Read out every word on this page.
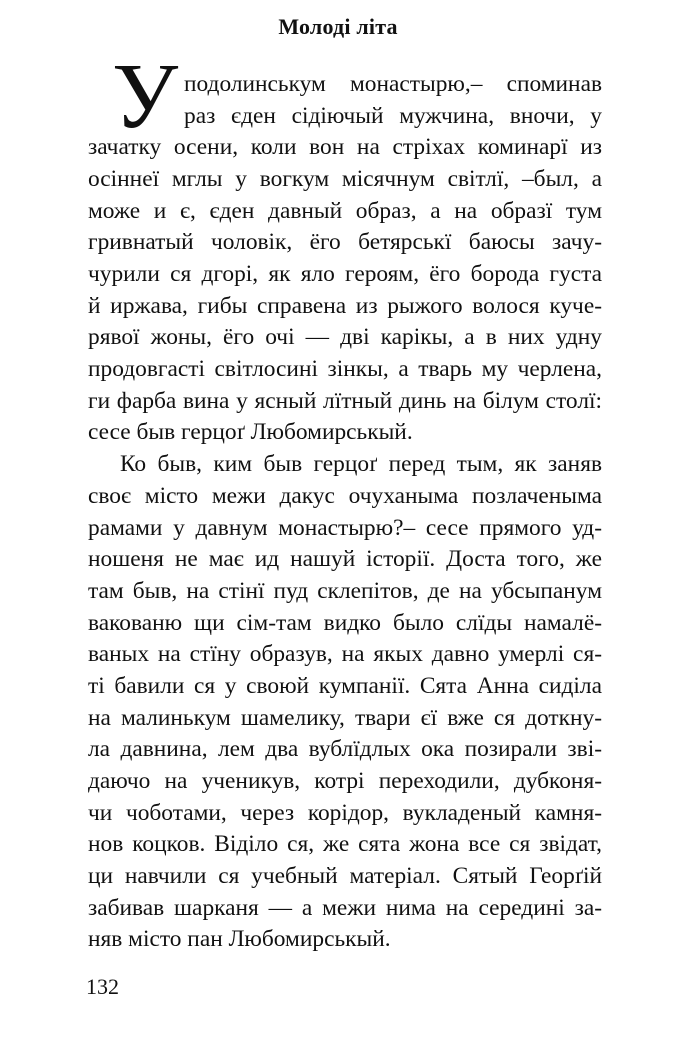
Молоді літа
У подолинськум монастырю,– споминав
раз єден сідіючый мужчина, вночи, у
зачатку осени, коли вон на стріхах коминарї из
осіннеї мглы у вогкум місячнум світлї, –был, а
може и є, єден давный образ, а на образї тум
гривнатый чоловік, ёго бетярськї баюсы зачу-
чурили ся дгорі, як яло героям, ёго борода густа
й иржава, гибы справена из рыжого волося куче-
рявої жоны, ёго очі — дві карікы, а в них удну
продовгасті світлосині зінкы, а тварь му черлена,
ги фарба вина у ясный лїтный динь на білум столї:
сесе быв герцоґ Любомирськый.
Ко быв, ким быв герцоґ перед тым, як заняв
своє місто межи дакус очуханыма позлаченыма
рамами у давнум монастырю?– сесе прямого уд-
ношеня не має ид нашуй історії. Доста того, же
там быв, на стінї пуд склепітов, де на убсыпанум
вакованю щи сім-там видко было слїды намалё-
ваных на стїну образув, на якых давно умерлі ся-
ті бавили ся у своюй кумпанії. Сята Анна сиділа
на малинькум шамелику, твари єї вже ся доткну-
ла давнина, лем два вублїдлых ока позирали звi-
даючо на ученикув, котрі переходили, дубконя-
чи чоботами, через корідор, вукладеный камня-
нов коцков. Віділо ся, же сята жона все ся звідат,
ци навчили ся учебный матеріал. Сятый Георґій
забивав шарканя — а межи нима на середині за-
няв місто пан Любомирськый.
132
